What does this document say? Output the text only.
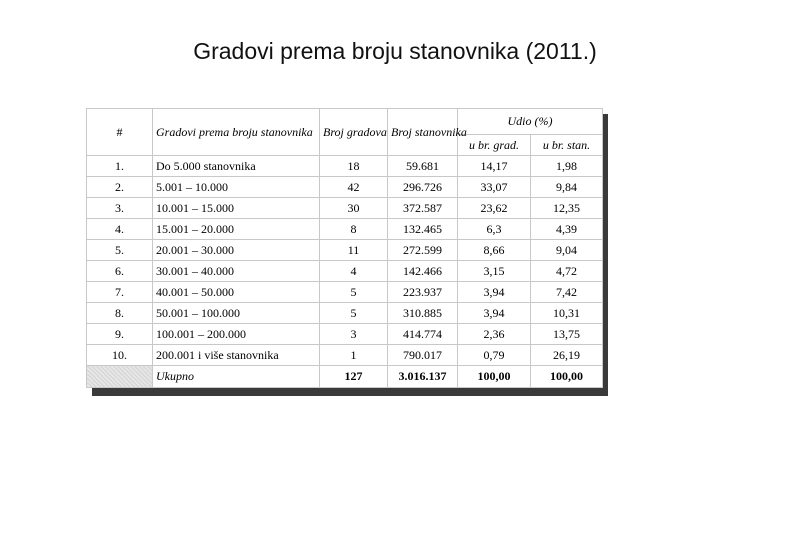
Gradovi prema broju stanovnika (2011.)
#	Gradovi prema broju stanovnika	Broj gradova	Broj stanovnika	Udio (%)	
				u br. grad.	u br. stan.
1.	Do 5.000 stanovnika	18	59.681	14,17	1,98
2.	5.001 – 10.000	42	296.726	33,07	9,84
3.	10.001 – 15.000	30	372.587	23,62	12,35
4.	15.001 – 20.000	8	132.465	6,3	4,39
5.	20.001 – 30.000	11	272.599	8,66	9,04
6.	30.001 – 40.000	4	142.466	3,15	4,72
7.	40.001 – 50.000	5	223.937	3,94	7,42
8.	50.001 – 100.000	5	310.885	3,94	10,31
9.	100.001 – 200.000	3	414.774	2,36	13,75
10.	200.001 i više stanovnika	1	790.017	0,79	26,19
	Ukupno	127	3.016.137	100,00	100,00
